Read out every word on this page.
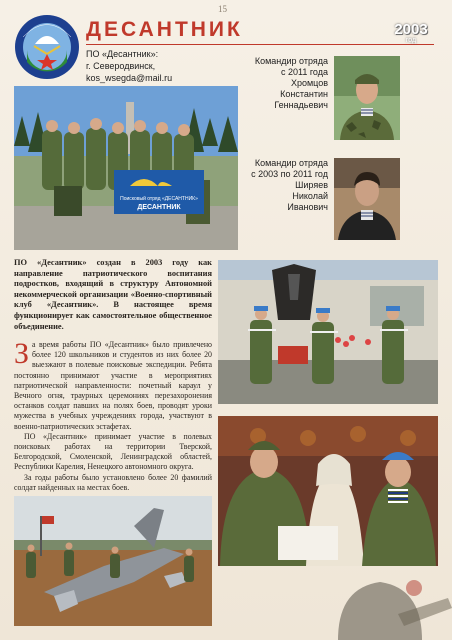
15
ДЕСАНТНИК	2003
год
ПО «Десантник»:
г. Северодвинск,
kos_wsegda@mail.ru
Командир отряда
с 2011 года
Хромцов
Константин
Геннадьевич
Командир отряда
с 2003 по 2011 год
Ширяев
Николай
Иванович
Поисковый отряд «ДЕСАНТНИК»
ДЕСАНТНИК
ПО «Десантник» создан в 2003 году как направление патриотического воспитания подростков, входящий в структуру Автономной некоммерческой организации «Военно-спортивный клуб «Десантник». В настоящее время функционирует как самостоятельное общественное объединение.

За время работы ПО «Десантник» было привлечено более 120 школьников и студентов из них более 20 выезжают в полевые поисковые экспедиции. Ребята постоянно принимают участие в мероприятиях патриотической направленности: почетный караул у Вечного огня, траурных церемониях перезахоронения останков солдат павших на полях боев, проводят уроки мужества в учебных учреждениях города, участвуют в военно-патриотических эстафетах.

ПО «Десантник» принимает участие в полевых поисковых работах на территории Тверской, Белгородской, Смоленской, Ленинградской областей, Республики Карелия, Ненецкого автономного округа.

За годы работы было установлено более 20 фамилий солдат найденных на местах боев.
